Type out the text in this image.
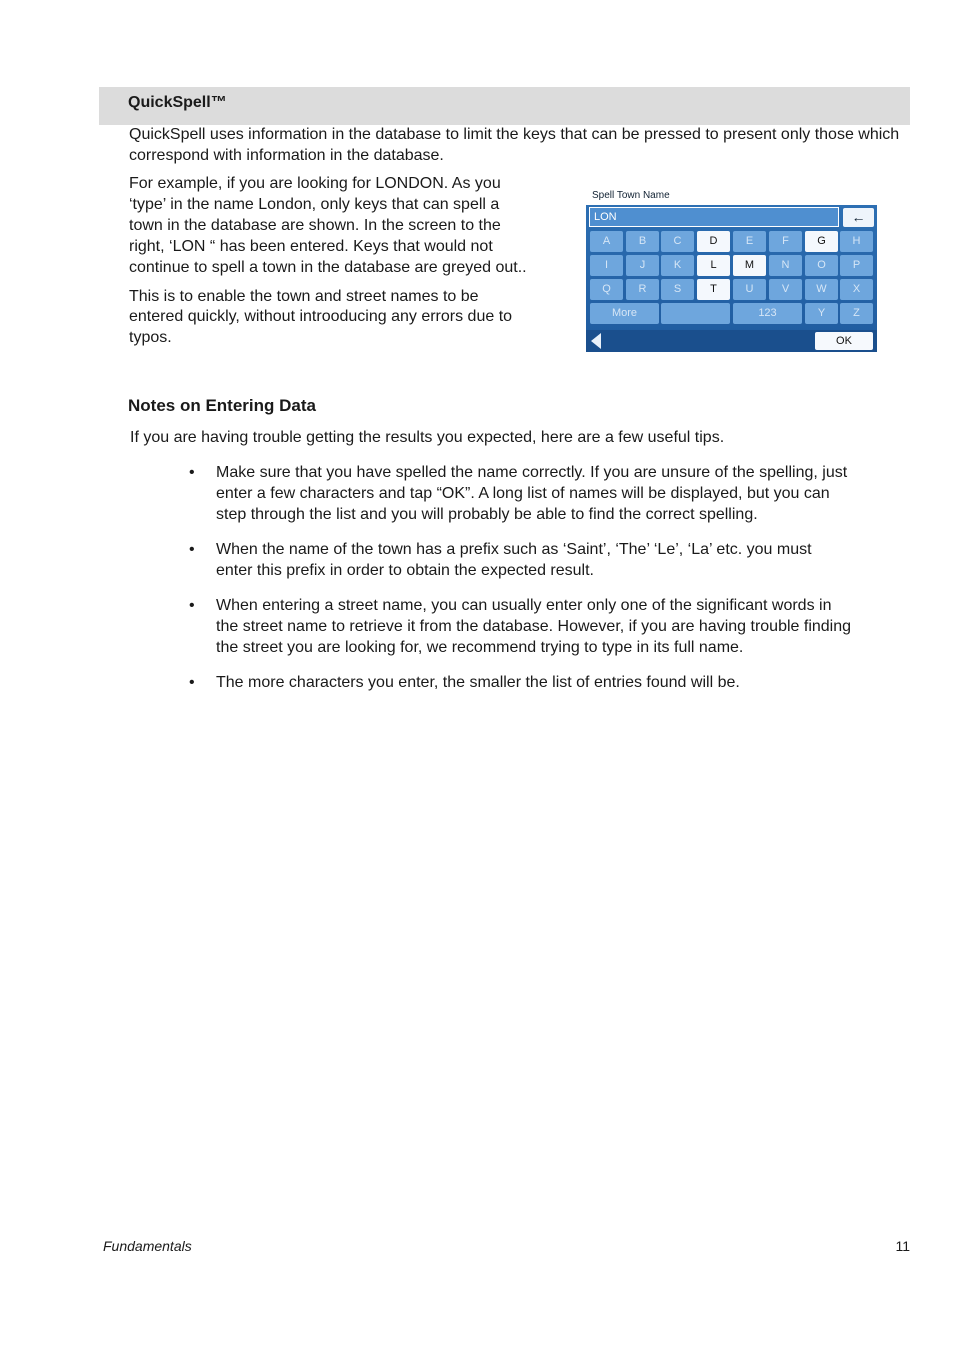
QuickSpell™
QuickSpell uses information in the database to limit the keys that can be pressed to present only those which correspond with information in the database.
For example, if you are looking for LONDON. As you
‘type’ in the name London, only keys that can spell a
town in the database are shown. In the screen to the
right, ‘LON “ has been entered. Keys that would not
continue to spell a town in the database are greyed out..
This is to enable the town and street names to be
entered quickly, without introoducing any errors due to
typos.
Spell Town Name
LON	←
A	B	C	D	E	F	G	H
I	J	K	L	M	N	O	P
Q	R	S	T	U	V	W	X
More	123	Y	Z
OK
Notes on Entering Data
If you are having trouble getting the results you expected, here are a few useful tips.
• Make sure that you have spelled the name correctly. If you are unsure of the spelling, just
enter a few characters and tap “OK”. A long list of names will be displayed, but you can
step through the list and you will probably be able to find the correct spelling.
• When the name of the town has a prefix such as ‘Saint’, ‘The’ ‘Le’, ‘La’ etc. you must
enter this prefix in order to obtain the expected result.
• When entering a street name, you can usually enter only one of the significant words in
the street name to retrieve it from the database. However, if you are having trouble finding
the street you are looking for, we recommend trying to type in its full name.
• The more characters you enter, the smaller the list of entries found will be.
Fundamentals	11
